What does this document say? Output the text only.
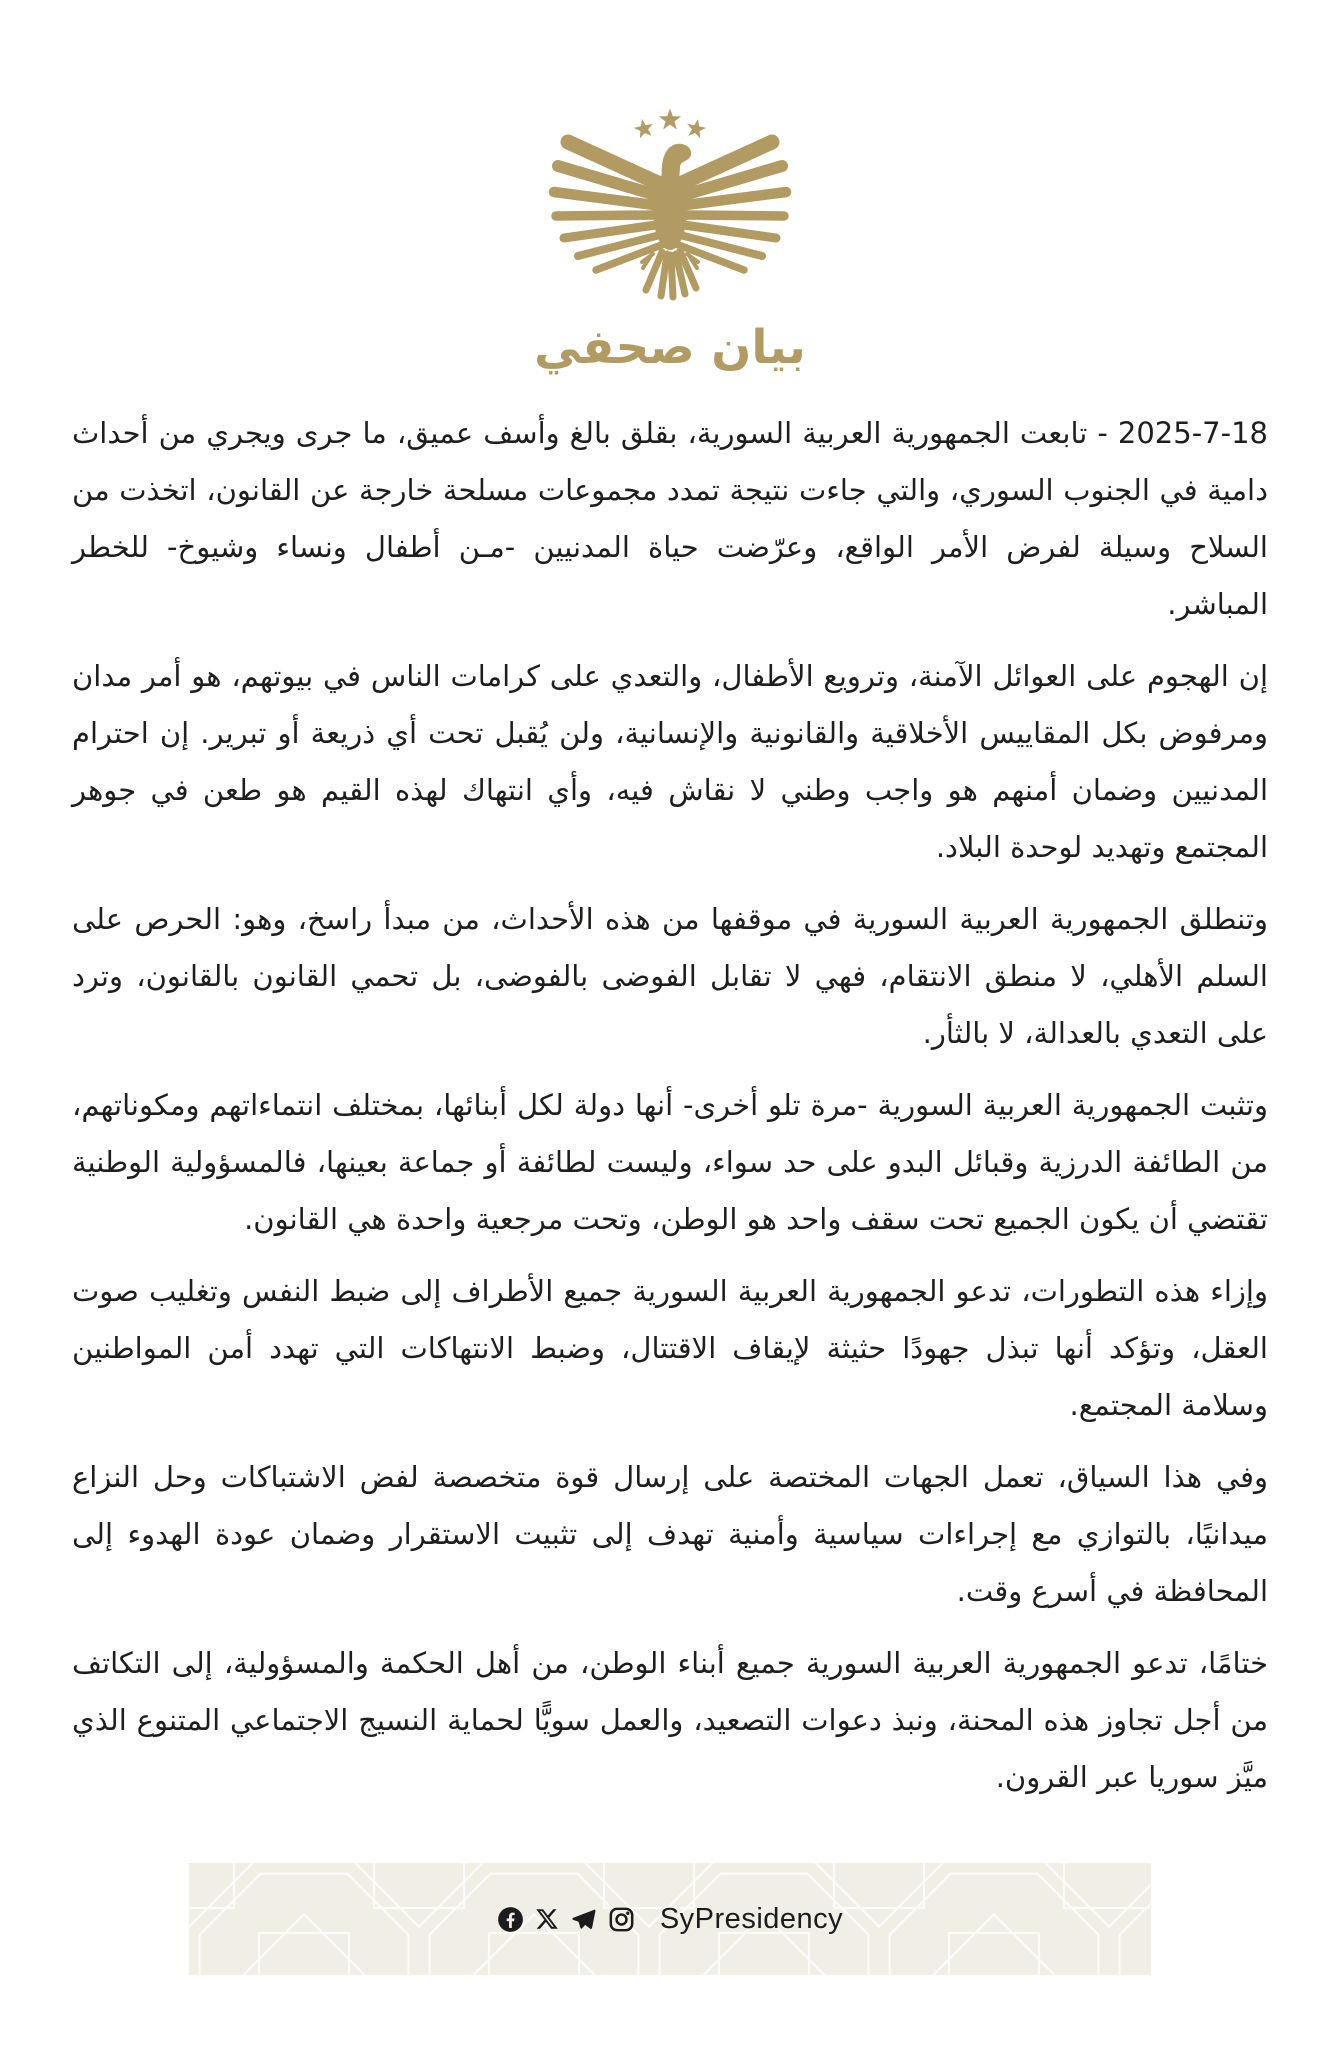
بيان صحفي

2025-7-18 - تابعت الجمهورية العربية السورية، بقلق بالغ وأسف عميق، ما جرى ويجري من أحداث دامية في الجنوب السوري، والتي جاءت نتيجة تمدد مجموعات مسلحة خارجة عن القانون، اتخذت من السلاح وسيلة لفرض الأمر الواقع، وعرّضت حياة المدنيين -مـن أطفال ونساء وشيوخ- للخطر المباشر.

إن الهجوم على العوائل الآمنة، وترويع الأطفال، والتعدي على كرامات الناس في بيوتهم، هو أمر مدان ومرفوض بكل المقاييس الأخلاقية والقانونية والإنسانية، ولن يُقبل تحت أي ذريعة أو تبرير. إن احترام المدنيين وضمان أمنهم هو واجب وطني لا نقاش فيه، وأي انتهاك لهذه القيم هو طعن في جوهر المجتمع وتهديد لوحدة البلاد.

وتنطلق الجمهورية العربية السورية في موقفها من هذه الأحداث، من مبدأ راسخ، وهو: الحرص على السلم الأهلي، لا منطق الانتقام، فهي لا تقابل الفوضى بالفوضى، بل تحمي القانون بالقانون، وترد على التعدي بالعدالة، لا بالثأر.

وتثبت الجمهورية العربية السورية -مرة تلو أخرى- أنها دولة لكل أبنائها، بمختلف انتماءاتهم ومكوناتهم، من الطائفة الدرزية وقبائل البدو على حد سواء، وليست لطائفة أو جماعة بعينها، فالمسؤولية الوطنية تقتضي أن يكون الجميع تحت سقف واحد هو الوطن، وتحت مرجعية واحدة هي القانون.

وإزاء هذه التطورات، تدعو الجمهورية العربية السورية جميع الأطراف إلى ضبط النفس وتغليب صوت العقل، وتؤكد أنها تبذل جهودًا حثيثة لإيقاف الاقتتال، وضبط الانتهاكات التي تهدد أمن المواطنين وسلامة المجتمع.

وفي هذا السياق، تعمل الجهات المختصة على إرسال قوة متخصصة لفض الاشتباكات وحل النزاع ميدانيًا، بالتوازي مع إجراءات سياسية وأمنية تهدف إلى تثبيت الاستقرار وضمان عودة الهدوء إلى المحافظة في أسرع وقت.

ختامًا، تدعو الجمهورية العربية السورية جميع أبناء الوطن، من أهل الحكمة والمسؤولية، إلى التكاتف من أجل تجاوز هذه المحنة، ونبذ دعوات التصعيد، والعمل سويًّا لحماية النسيج الاجتماعي المتنوع الذي ميَّز سوريا عبر القرون.

SyPresidency
